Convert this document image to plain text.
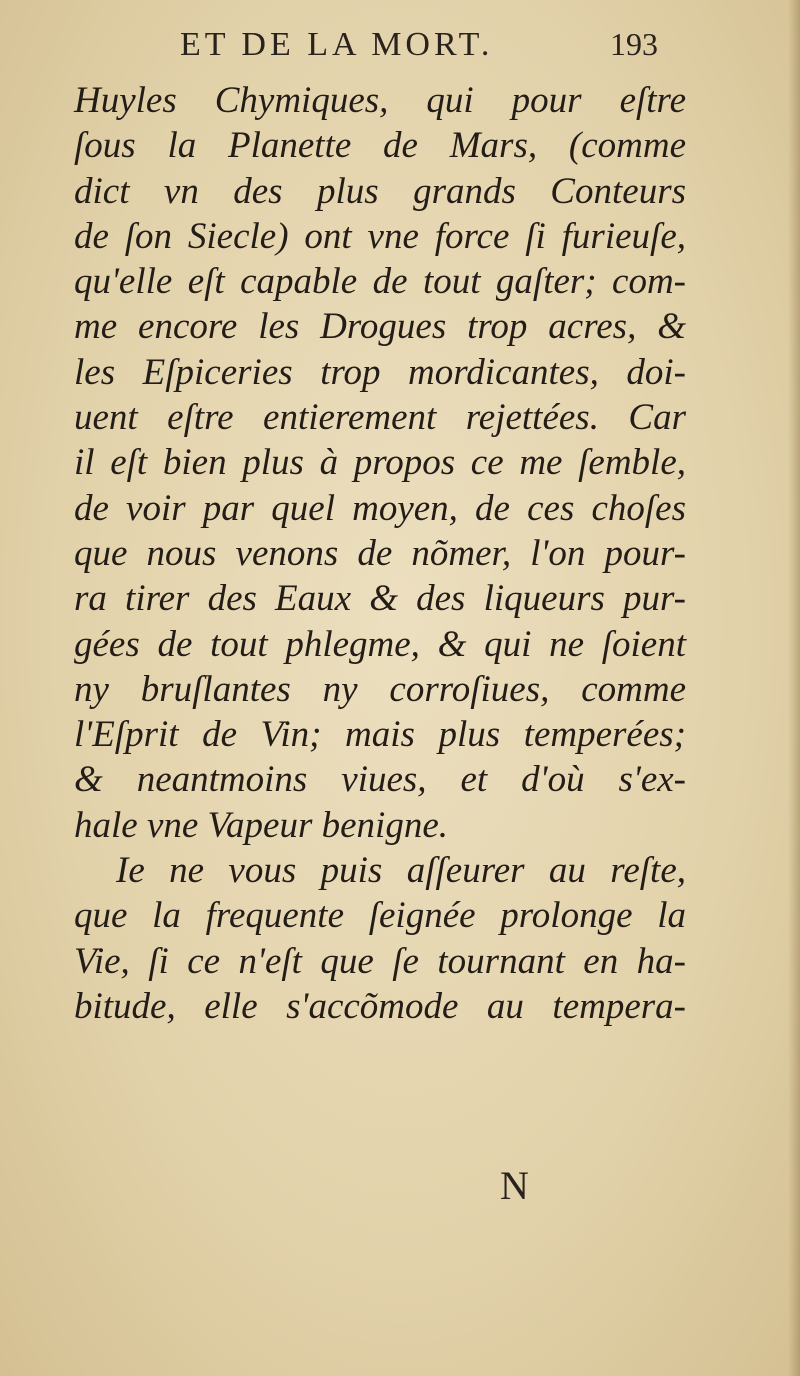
ET DE LA MORT.	193
Huyles Chymiques, qui pour eſtre
ſous la Planette de Mars, (comme
dict vn des plus grands Conteurs
de ſon Siecle) ont vne force ſi furieuſe,
qu'elle eſt capable de tout gaſter; com-
me encore les Drogues trop acres, &
les Eſpiceries trop mordicantes, doi-
uent eſtre entierement rejettées. Car
il eſt bien plus à propos ce me ſemble,
de voir par quel moyen, de ces choſes
que nous venons de nõmer, l'on pour-
ra tirer des Eaux & des liqueurs pur-
gées de tout phlegme, & qui ne ſoient
ny bruſlantes ny corroſiues, comme
l'Eſprit de Vin; mais plus temperées;
& neantmoins viues, et d'où s'ex-
hale vne Vapeur benigne.
Ie ne vous puis aſſeurer au reſte,
que la frequente ſeignée prolonge la
Vie, ſi ce n'eſt que ſe tournant en ha-
bitude, elle s'accõmode au tempera-
N
